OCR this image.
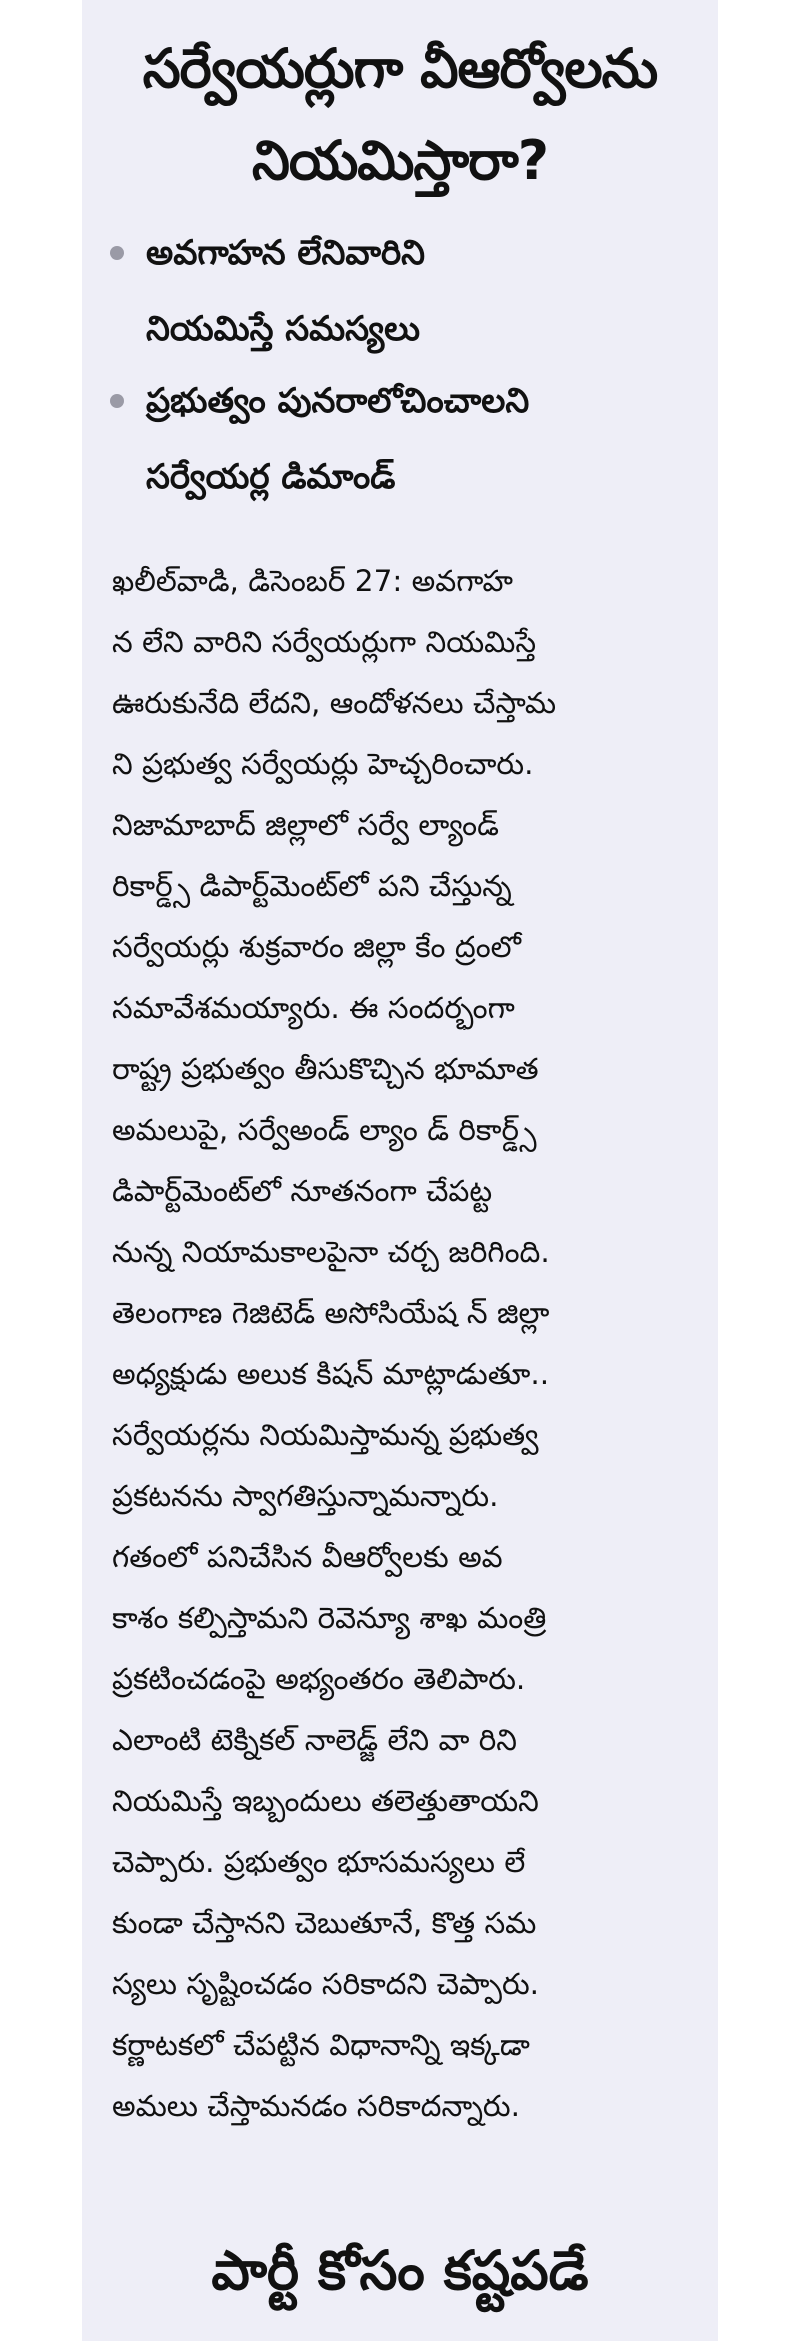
సర్వేయర్లుగా వీఆర్వోలను
నియమిస్తారా?
అవగాహన లేనివారిని
నియమిస్తే సమస్యలు
ప్రభుత్వం పునరాలోచించాలని
సర్వేయర్ల డిమాండ్
ఖలీల్‌వాడి, డిసెంబర్ 27: అవగాహ
న లేని వారిని సర్వేయర్లుగా నియమిస్తే
ఊరుకునేది లేదని, ఆందోళనలు చేస్తామ
ని ప్రభుత్వ సర్వేయర్లు హెచ్చరించారు.
నిజామాబాద్ జిల్లాలో సర్వే ల్యాండ్
రికార్డ్స్ డిపార్ట్‌మెంట్‌లో పని చేస్తున్న
సర్వేయర్లు శుక్రవారం జిల్లా కేం ద్రంలో
సమావేశమయ్యారు. ఈ సందర్భంగా
రాష్ట్ర ప్రభుత్వం తీసుకొచ్చిన భూమాత
అమలుపై, సర్వేఅండ్ ల్యాం డ్ రికార్డ్స్
డిపార్ట్‌మెంట్‌లో నూతనంగా చేపట్ట
నున్న నియామకాలపైనా చర్చ జరిగింది.
తెలంగాణ గెజిటెడ్ అసోసియేష న్ జిల్లా
అధ్యక్షుడు అలుక కిషన్ మాట్లాడుతూ..
సర్వేయర్లను నియమిస్తామన్న ప్రభుత్వ
ప్రకటనను స్వాగతిస్తున్నామన్నారు.
గతంలో పనిచేసిన వీఆర్వోలకు అవ
కాశం కల్పిస్తామని రెవెన్యూ శాఖ మంత్రి
ప్రకటించడంపై అభ్యంతరం తెలిపారు.
ఎలాంటి టెక్నికల్ నాలెడ్జ్ లేని వా రిని
నియమిస్తే ఇబ్బందులు తలెత్తుతాయని
చెప్పారు. ప్రభుత్వం భూసమస్యలు లే
కుండా చేస్తానని చెబుతూనే, కొత్త సమ
స్యలు సృష్టించడం సరికాదని చెప్పారు.
కర్ణాటకలో చేపట్టిన విధానాన్ని ఇక్కడా
అమలు చేస్తామనడం సరికాదన్నారు.
పార్టీ కోసం కష్టపడే
